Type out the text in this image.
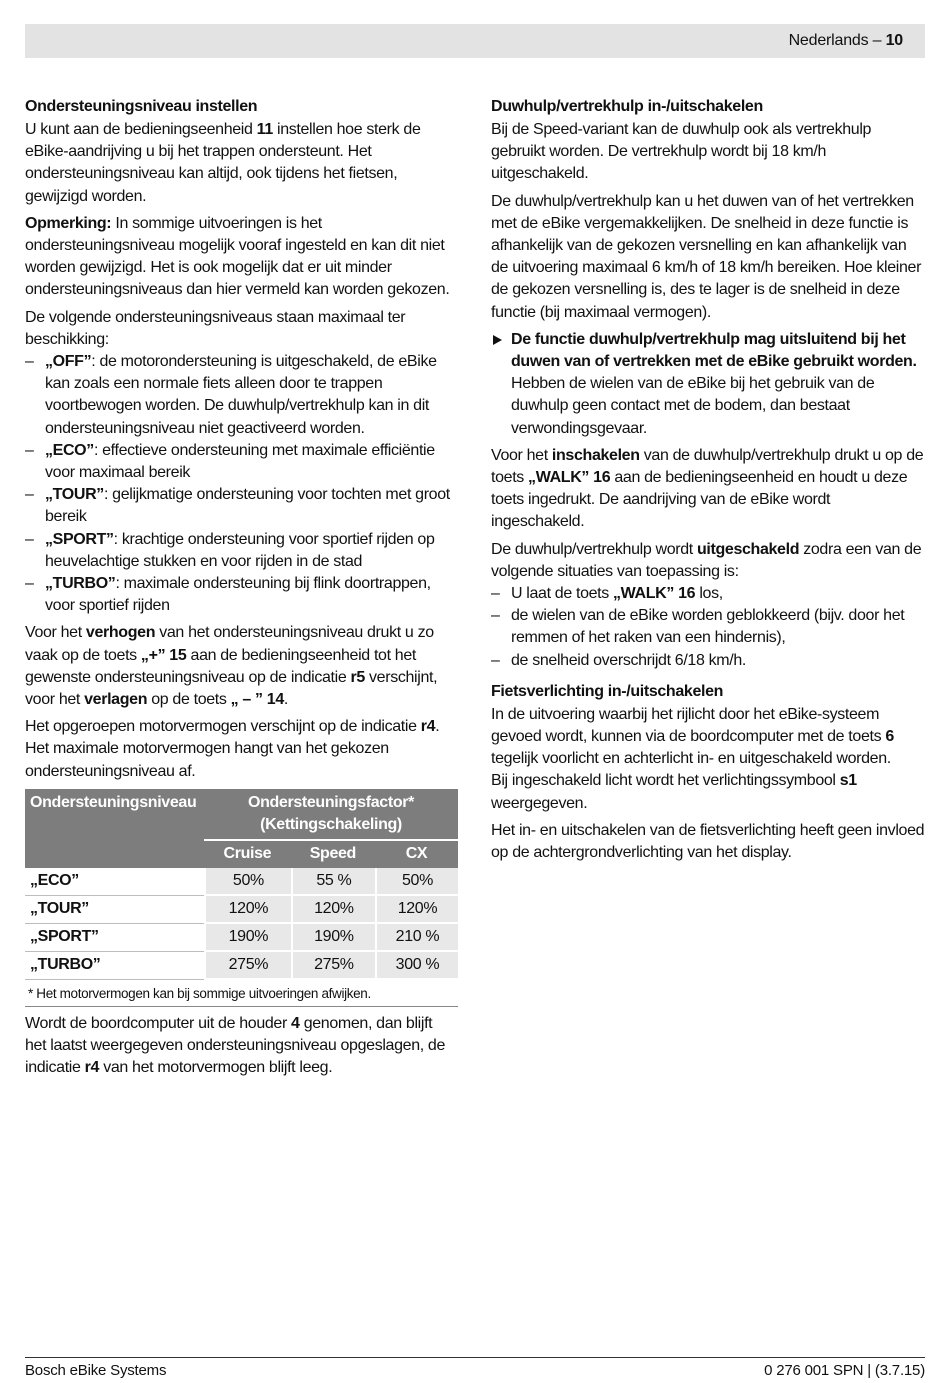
Nederlands – 10
Ondersteuningsniveau instellen

U kunt aan de bedieningseenheid 11 instellen hoe sterk de eBike-aandrijving u bij het trappen ondersteunt. Het ondersteuningsniveau kan altijd, ook tijdens het fietsen, gewijzigd worden.

Opmerking: In sommige uitvoeringen is het ondersteuningsniveau mogelijk vooraf ingesteld en kan dit niet worden gewijzigd. Het is ook mogelijk dat er uit minder ondersteuningsniveaus dan hier vermeld kan worden gekozen.

De volgende ondersteuningsniveaus staan maximaal ter beschikking:

– „OFF”: de motorondersteuning is uitgeschakeld, de eBike kan zoals een normale fiets alleen door te trappen voortbewogen worden. De duwhulp/vertrekhulp kan in dit ondersteuningsniveau niet geactiveerd worden.
– „ECO”: effectieve ondersteuning met maximale efficiëntie voor maximaal bereik
– „TOUR”: gelijkmatige ondersteuning voor tochten met groot bereik
– „SPORT”: krachtige ondersteuning voor sportief rijden op heuvelachtige stukken en voor rijden in de stad
– „TURBO”: maximale ondersteuning bij flink doortrappen, voor sportief rijden

Voor het verhogen van het ondersteuningsniveau drukt u zo vaak op de toets „+” 15 aan de bedieningseenheid tot het gewenste ondersteuningsniveau op de indicatie r5 verschijnt, voor het verlagen op de toets „ – ” 14.

Het opgeroepen motorvermogen verschijnt op de indicatie r4. Het maximale motorvermogen hangt van het gekozen ondersteuningsniveau af.

Ondersteuningsniveau	Ondersteuningsfactor*
(Kettingschakeling)		
	Cruise	Speed	CX
„ECO”	50%	55 %	50%
„TOUR”	120%	120%	120%
„SPORT”	190%	190%	210 %
„TURBO”	275%	275%	300 %
* Het motorvermogen kan bij sommige uitvoeringen afwijken.

Wordt de boordcomputer uit de houder 4 genomen, dan blijft het laatst weergegeven ondersteuningsniveau opgeslagen, de indicatie r4 van het motorvermogen blijft leeg.

Duwhulp/vertrekhulp in-/uitschakelen

Bij de Speed-variant kan de duwhulp ook als vertrekhulp gebruikt worden. De vertrekhulp wordt bij 18 km/h uitgeschakeld.

De duwhulp/vertrekhulp kan u het duwen van of het vertrekken met de eBike vergemakkelijken. De snelheid in deze functie is afhankelijk van de gekozen versnelling en kan afhankelijk van de uitvoering maximaal 6 km/h of 18 km/h bereiken. Hoe kleiner de gekozen versnelling is, des te lager is de snelheid in deze functie (bij maximaal vermogen).

De functie duwhulp/vertrekhulp mag uitsluitend bij het duwen van of vertrekken met de eBike gebruikt worden. Hebben de wielen van de eBike bij het gebruik van de duwhulp geen contact met de bodem, dan bestaat verwondingsgevaar.

Voor het inschakelen van de duwhulp/vertrekhulp drukt u op de toets „WALK” 16 aan de bedieningseenheid en houdt u deze toets ingedrukt. De aandrijving van de eBike wordt ingeschakeld.

De duwhulp/vertrekhulp wordt uitgeschakeld zodra een van de volgende situaties van toepassing is:

– U laat de toets „WALK” 16 los,
– de wielen van de eBike worden geblokkeerd (bijv. door het remmen of het raken van een hindernis),
– de snelheid overschrijdt 6/18 km/h.
Fietsverlichting in-/uitschakelen

In de uitvoering waarbij het rijlicht door het eBike-systeem gevoed wordt, kunnen via de boordcomputer met de toets 6 tegelijk voorlicht en achterlicht in- en uitgeschakeld worden.

Bij ingeschakeld licht wordt het verlichtingssymbool s1 weergegeven.

Het in- en uitschakelen van de fietsverlichting heeft geen invloed op de achtergrondverlichting van het display.

Bosch eBike Systems	0 276 001 SPN | (3.7.15)
